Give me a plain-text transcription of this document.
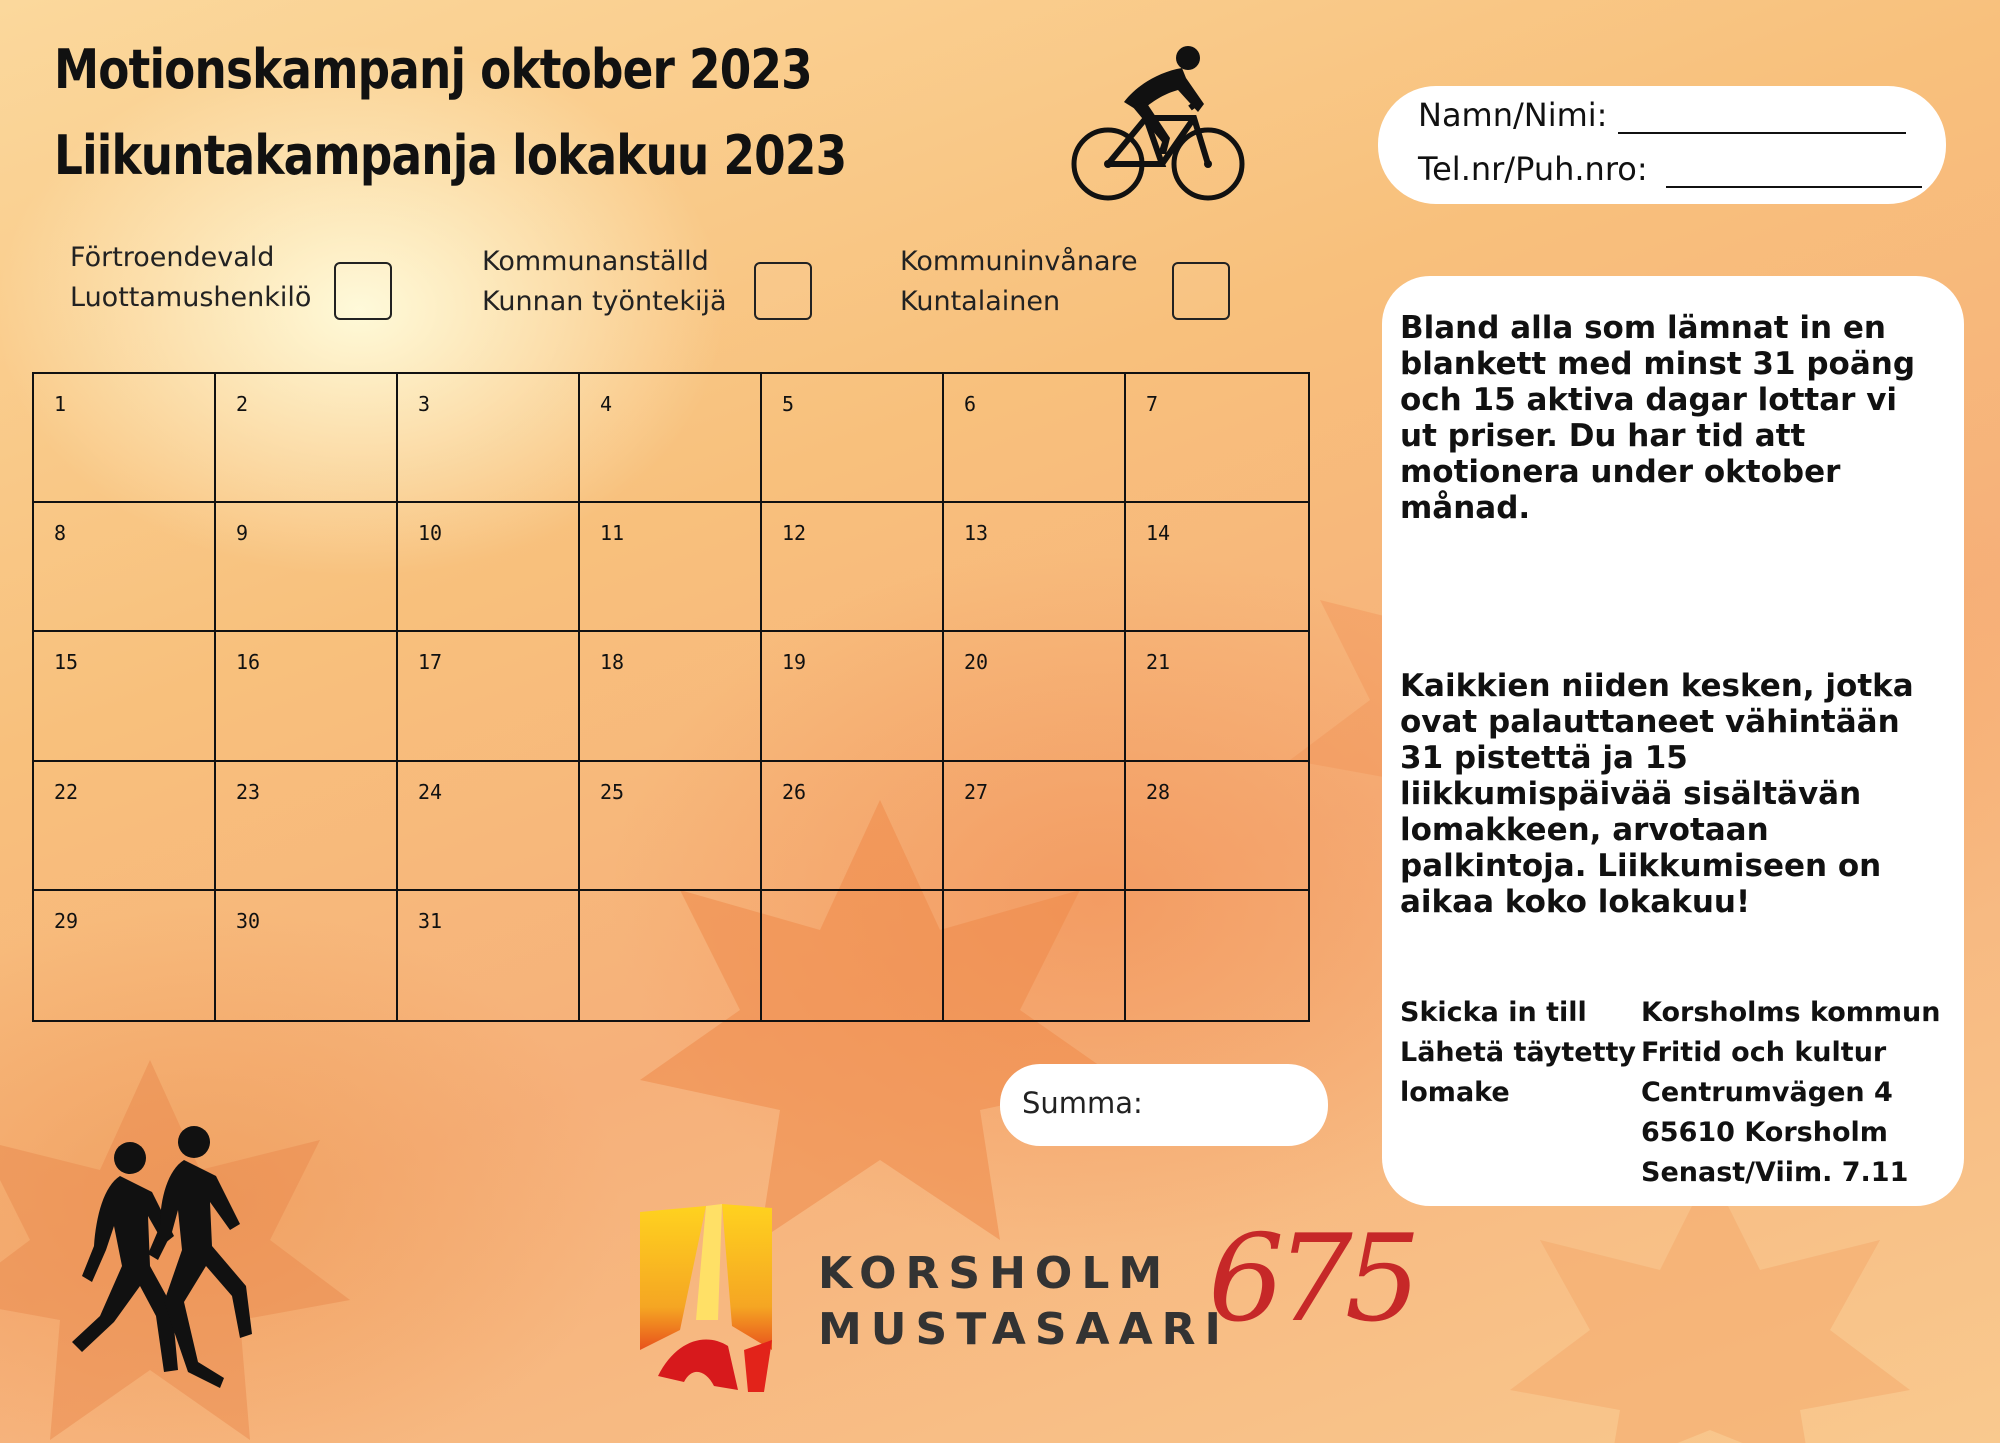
Motionskampanj oktober 2023
Liikuntakampanja lokakuu 2023
Förtroendevald
Luottamushenkilö
Kommunanställd
Kunnan työntekijä
Kommuninvånare
Kuntalainen
1	2	3	4	5	6	7
8	9	10	11	12	13	14
15	16	17	18	19	20	21
22	23	24	25	26	27	28
29	30	31
Namn/Nimi:
Tel.nr/Puh.nro:
Bland alla som lämnat in en blankett med minst 31 poäng och 15 aktiva dagar lottar vi ut priser. Du har tid att motionera under oktober månad.
Kaikkien niiden kesken, jotka ovat palauttaneet vähintään 31 pistettä ja 15 liikkumispäivää sisältävän lomakkeen, arvotaan palkintoja. Liikkumiseen on aikaa koko lokakuu!
Skicka in till
Lähetä täytetty
lomake
Korsholms kommun
Fritid och kultur
Centrumvägen 4
65610 Korsholm
Senast/Viim. 7.11
Summa:
KORSHOLM
MUSTASAARI
675
